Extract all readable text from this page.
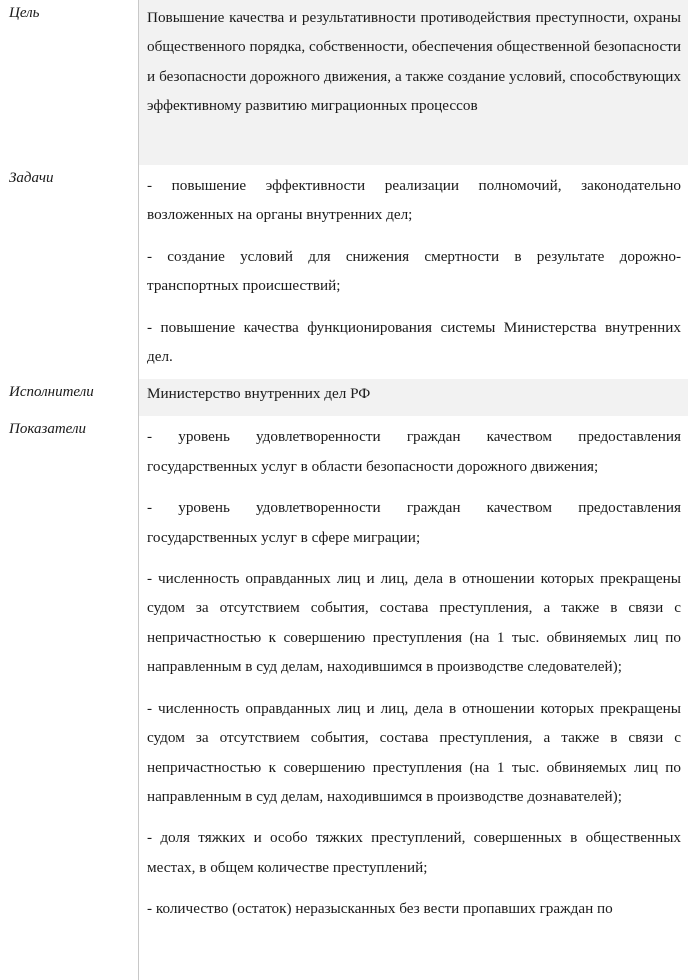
Цель	Повышение качества и результативности противодействия преступности, охраны общественного порядка, собственности, обеспечения общественной безопасности и безопасности дорожного движения, а также создание условий, способствующих эффективному развитию миграционных процессов
Задачи	- повышение эффективности реализации полномочий, законодательно возложенных на органы внутренних дел;
- создание условий для снижения смертности в результате дорожно-транспортных происшествий;
- повышение качества функционирования системы Министерства внутренних дел.
Исполнители	Министерство внутренних дел РФ
Показатели	- уровень удовлетворенности граждан качеством предоставления государственных услуг в области безопасности дорожного движения;
- уровень удовлетворенности граждан качеством предоставления государственных услуг в сфере миграции;
- численность оправданных лиц и лиц, дела в отношении которых прекращены судом за отсутствием события, состава преступления, а также в связи с непричастностью к совершению преступления (на 1 тыс. обвиняемых лиц по направленным в суд делам, находившимся в производстве следователей);
- численность оправданных лиц и лиц, дела в отношении которых прекращены судом за отсутствием события, состава преступления, а также в связи с непричастностью к совершению преступления (на 1 тыс. обвиняемых лиц по направленным в суд делам, находившимся в производстве дознавателей);
- доля тяжких и особо тяжких преступлений, совершенных в общественных местах, в общем количестве преступлений;
- количество (остаток) неразысканных без вести пропавших граждан по
